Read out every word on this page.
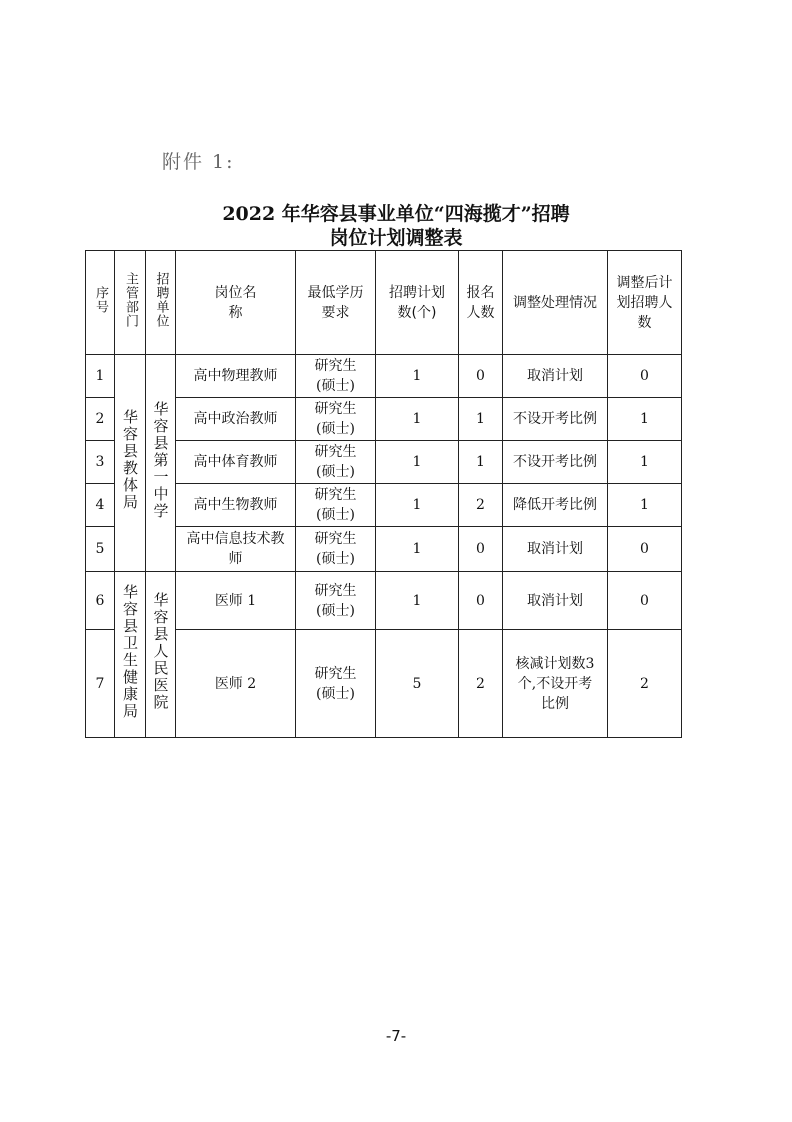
附件 1:
2022 年华容县事业单位“四海揽才”招聘
岗位计划调整表
序号	主管部门	招聘单位	岗位名称	最低学历要求	招聘计划数(个)	报名人数	调整处理情况	调整后计划招聘人数

1	华容县教体局	华容县第一中学	高中物理教师	研究生(硕士)	1	0	取消计划	0
2			高中政治教师	研究生(硕士)	1	1	不设开考比例	1
3			高中体育教师	研究生(硕士)	1	1	不设开考比例	1
4			高中生物教师	研究生(硕士)	1	2	降低开考比例	1
5			高中信息技术教师	研究生(硕士)	1	0	取消计划	0
6	华容县卫生健康局	华容县人民医院	医师 1	研究生(硕士)	1	0	取消计划	0
7			医师 2	研究生(硕士)	5	2	核减计划数3个,不设开考比例	2
-7-
